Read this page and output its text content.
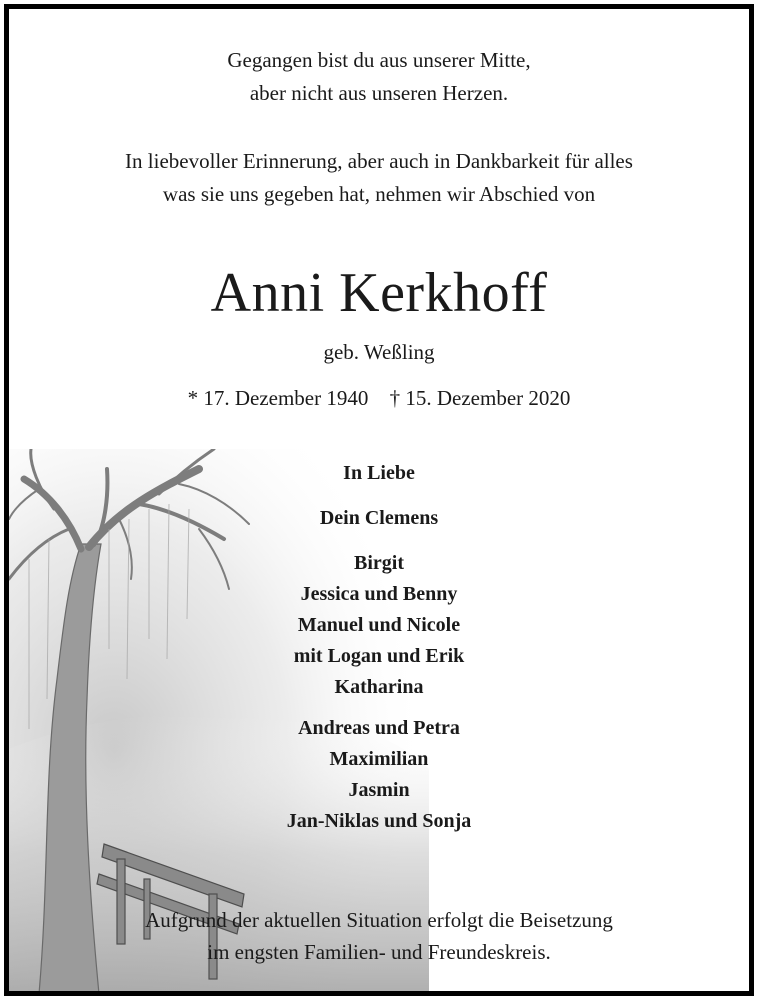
Gegangen bist du aus unserer Mitte,
aber nicht aus unseren Herzen.
In liebevoller Erinnerung, aber auch in Dankbarkeit für alles
was sie uns gegeben hat, nehmen wir Abschied von
Anni Kerkhoff
geb. Weßling
* 17. Dezember 1940 † 15. Dezember 2020
In Liebe
Dein Clemens
Birgit
Jessica und Benny
Manuel und Nicole
mit Logan und Erik
Katharina
Andreas und Petra
Maximilian
Jasmin
Jan-Niklas und Sonja
Aufgrund der aktuellen Situation erfolgt die Beisetzung
im engsten Familien- und Freundeskreis.
